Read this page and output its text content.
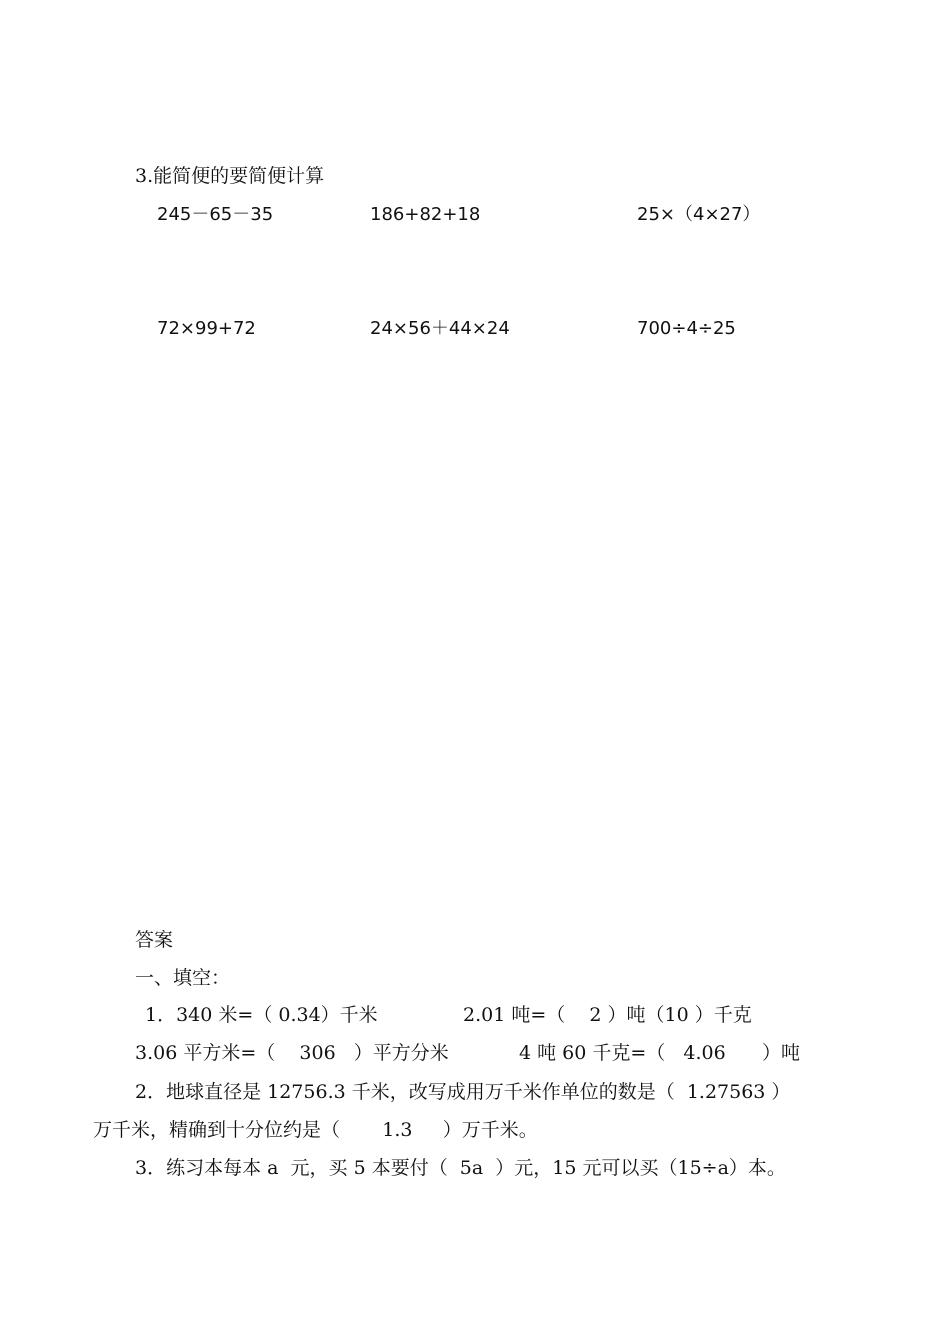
3.能简便的要简便计算
245－65－35	186+82+18	25×（4×27）
72×99+72	24×56＋44×24	700÷4÷25
答案
一、填空：
1．340 米=（ 0.34）千米	2.01 吨=（    2 ）吨（10 ）千克
3.06 平方米=（    306   ）平方分米	4 吨 60 千克=（   4.06      ）吨
2．地球直径是 12756.3 千米，改写成用万千米作单位的数是（  1.27563 ）
万千米，精确到十分位约是（       1.3     ）万千米。
3．练习本每本 a  元，买 5 本要付（  5a  ）元，15 元可以买（15÷a）本。
